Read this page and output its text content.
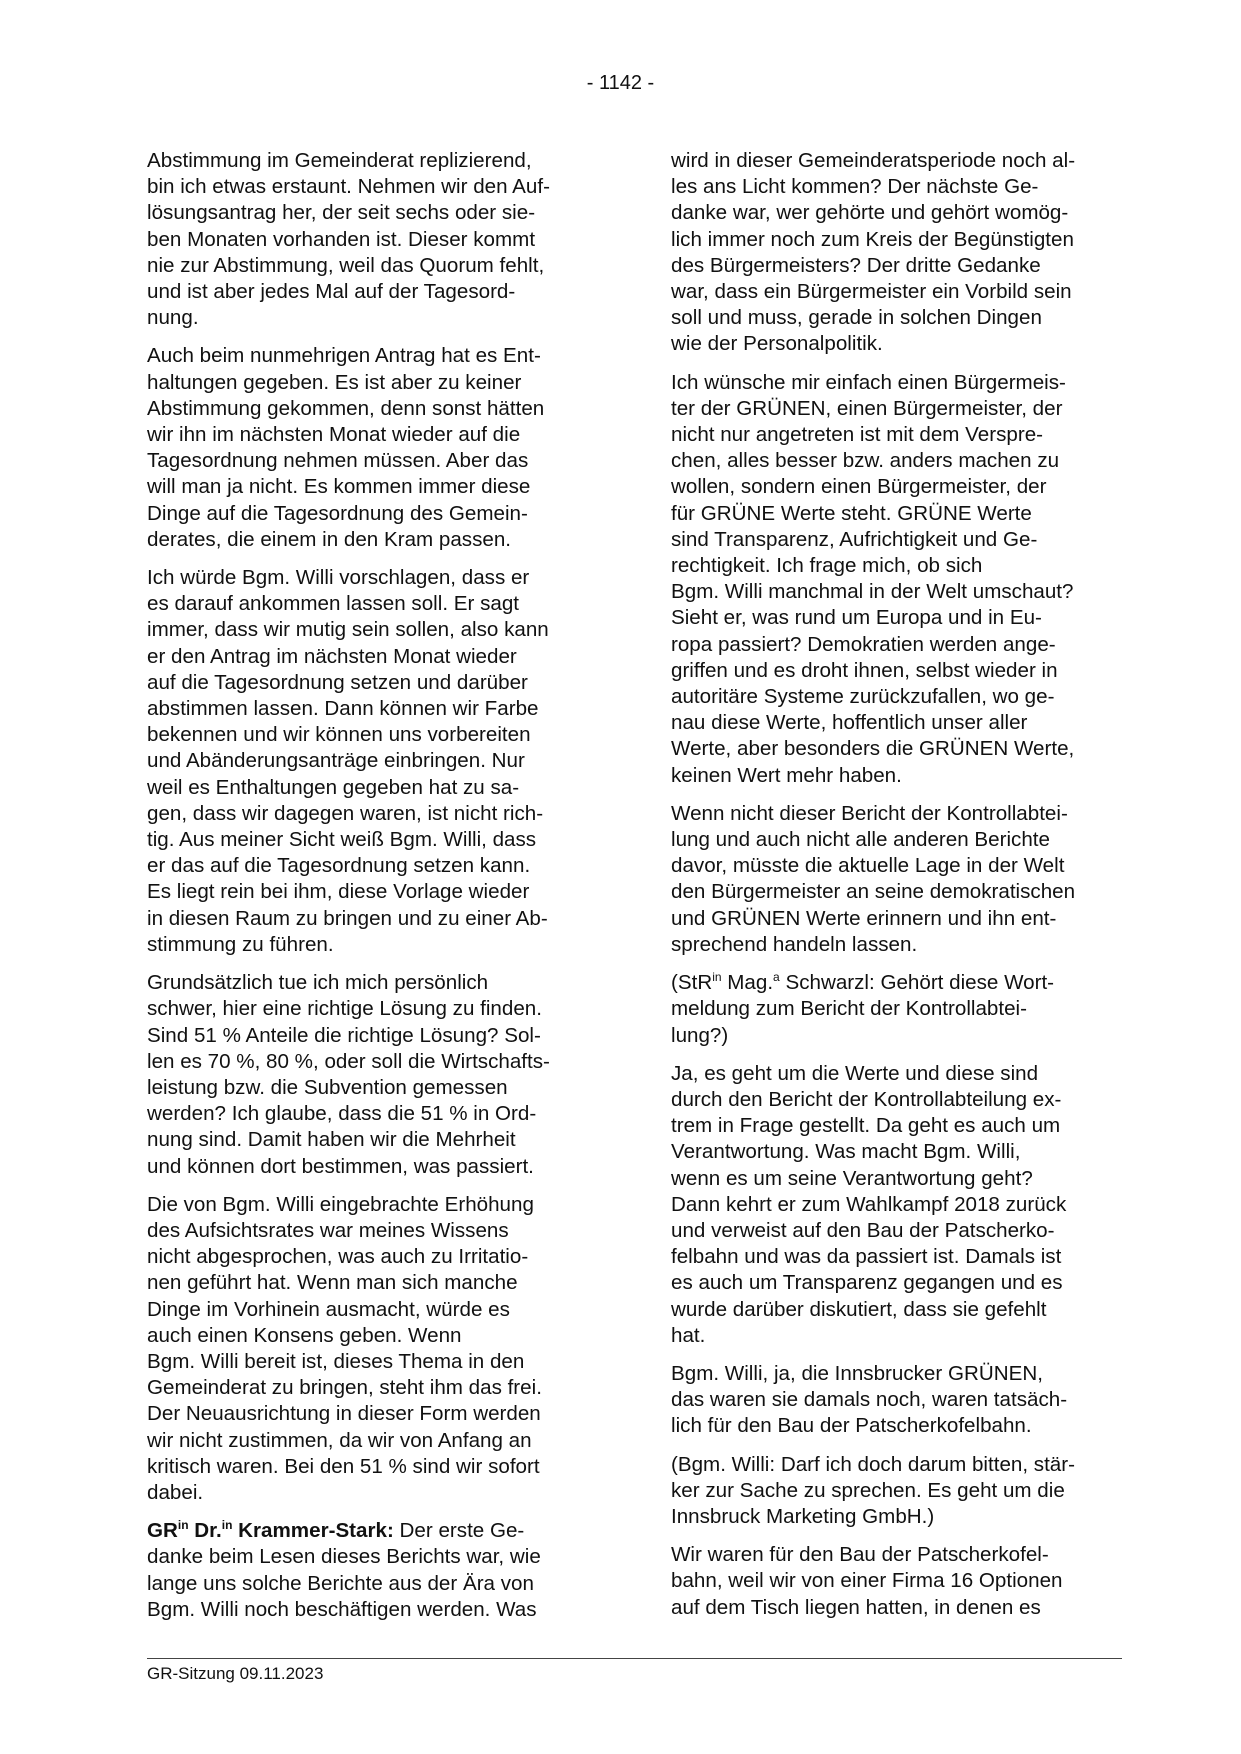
- 1142 -

Abstimmung im Gemeinderat replizierend,
bin ich etwas erstaunt. Nehmen wir den Auf-
lösungsantrag her, der seit sechs oder sie-
ben Monaten vorhanden ist. Dieser kommt
nie zur Abstimmung, weil das Quorum fehlt,
und ist aber jedes Mal auf der Tagesord-
nung.

Auch beim nunmehrigen Antrag hat es Ent-
haltungen gegeben. Es ist aber zu keiner
Abstimmung gekommen, denn sonst hätten
wir ihn im nächsten Monat wieder auf die
Tagesordnung nehmen müssen. Aber das
will man ja nicht. Es kommen immer diese
Dinge auf die Tagesordnung des Gemein-
derates, die einem in den Kram passen.

Ich würde Bgm. Willi vorschlagen, dass er
es darauf ankommen lassen soll. Er sagt
immer, dass wir mutig sein sollen, also kann
er den Antrag im nächsten Monat wieder
auf die Tagesordnung setzen und darüber
abstimmen lassen. Dann können wir Farbe
bekennen und wir können uns vorbereiten
und Abänderungsanträge einbringen. Nur
weil es Enthaltungen gegeben hat zu sa-
gen, dass wir dagegen waren, ist nicht rich-
tig. Aus meiner Sicht weiß Bgm. Willi, dass
er das auf die Tagesordnung setzen kann.
Es liegt rein bei ihm, diese Vorlage wieder
in diesen Raum zu bringen und zu einer Ab-
stimmung zu führen.

Grundsätzlich tue ich mich persönlich
schwer, hier eine richtige Lösung zu finden.
Sind 51 % Anteile die richtige Lösung? Sol-
len es 70 %, 80 %, oder soll die Wirtschafts-
leistung bzw. die Subvention gemessen
werden? Ich glaube, dass die 51 % in Ord-
nung sind. Damit haben wir die Mehrheit
und können dort bestimmen, was passiert.

Die von Bgm. Willi eingebrachte Erhöhung
des Aufsichtsrates war meines Wissens
nicht abgesprochen, was auch zu Irritatio-
nen geführt hat. Wenn man sich manche
Dinge im Vorhinein ausmacht, würde es
auch einen Konsens geben. Wenn
Bgm. Willi bereit ist, dieses Thema in den
Gemeinderat zu bringen, steht ihm das frei.
Der Neuausrichtung in dieser Form werden
wir nicht zustimmen, da wir von Anfang an
kritisch waren. Bei den 51 % sind wir sofort
dabei.

$GR^{in}$ Dr.$^{in}$ Krammer-Stark: Der erste Ge-
danke beim Lesen dieses Berichts war, wie
lange uns solche Berichte aus der Ära von
Bgm. Willi noch beschäftigen werden. Was

wird in dieser Gemeinderatsperiode noch al-
les ans Licht kommen? Der nächste Ge-
danke war, wer gehörte und gehört womög-
lich immer noch zum Kreis der Begünstigten
des Bürgermeisters? Der dritte Gedanke
war, dass ein Bürgermeister ein Vorbild sein
soll und muss, gerade in solchen Dingen
wie der Personalpolitik.

Ich wünsche mir einfach einen Bürgermeis-
ter der GRÜNEN, einen Bürgermeister, der
nicht nur angetreten ist mit dem Verspre-
chen, alles besser bzw. anders machen zu
wollen, sondern einen Bürgermeister, der
für GRÜNE Werte steht. GRÜNE Werte
sind Transparenz, Aufrichtigkeit und Ge-
rechtigkeit. Ich frage mich, ob sich
Bgm. Willi manchmal in der Welt umschaut?
Sieht er, was rund um Europa und in Eu-
ropa passiert? Demokratien werden ange-
griffen und es droht ihnen, selbst wieder in
autoritäre Systeme zurückzufallen, wo ge-
nau diese Werte, hoffentlich unser aller
Werte, aber besonders die GRÜNEN Werte,
keinen Wert mehr haben.

Wenn nicht dieser Bericht der Kontrollabtei-
lung und auch nicht alle anderen Berichte
davor, müsste die aktuelle Lage in der Welt
den Bürgermeister an seine demokratischen
und GRÜNEN Werte erinnern und ihn ent-
sprechend handeln lassen.

(StR$^{in}$ Mag.$^a$ Schwarzl: Gehört diese Wort-
meldung zum Bericht der Kontrollabtei-
lung?)

Ja, es geht um die Werte und diese sind
durch den Bericht der Kontrollabteilung ex-
trem in Frage gestellt. Da geht es auch um
Verantwortung. Was macht Bgm. Willi,
wenn es um seine Verantwortung geht?
Dann kehrt er zum Wahlkampf 2018 zurück
und verweist auf den Bau der Patscherko-
felbahn und was da passiert ist. Damals ist
es auch um Transparenz gegangen und es
wurde darüber diskutiert, dass sie gefehlt
hat.

Bgm. Willi, ja, die Innsbrucker GRÜNEN,
das waren sie damals noch, waren tatsäch-
lich für den Bau der Patscherkofelbahn.

(Bgm. Willi: Darf ich doch darum bitten, stär-
ker zur Sache zu sprechen. Es geht um die
Innsbruck Marketing GmbH.)

Wir waren für den Bau der Patscherkofel-
bahn, weil wir von einer Firma 16 Optionen
auf dem Tisch liegen hatten, in denen es

GR-Sitzung 09.11.2023
